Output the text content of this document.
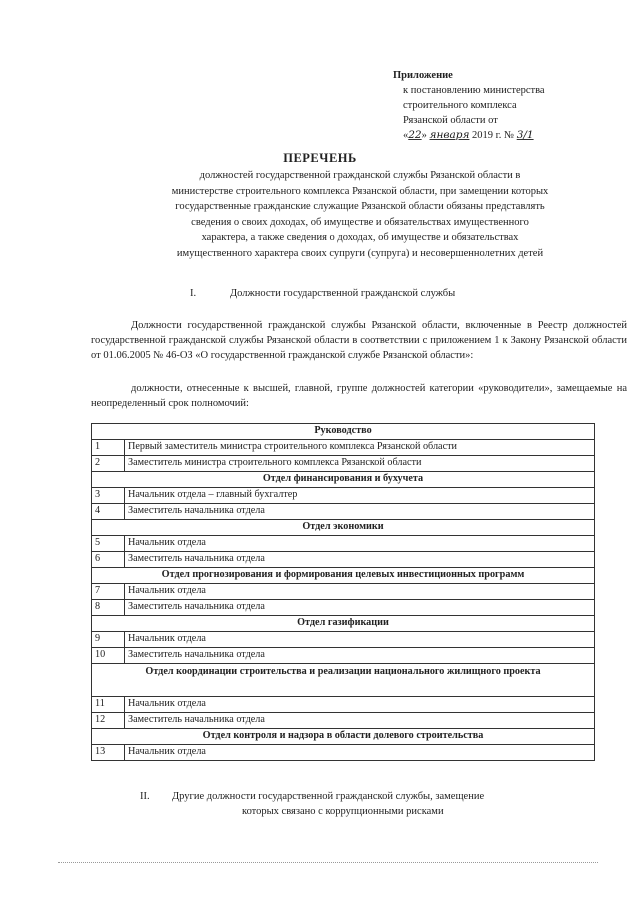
Приложение
к постановлению министерства
строительного комплекса
Рязанской области от
«22» января 2019 г. № 3/1
ПЕРЕЧЕНЬ
должностей государственной гражданской службы Рязанской области в
министерстве строительного комплекса Рязанской области, при замещении которых
государственные гражданские служащие Рязанской области обязаны представлять
сведения о своих доходах, об имуществе и обязательствах имущественного
характера, а также сведения о доходах, об имуществе и обязательствах
имущественного характера своих супруги (супруга) и несовершеннолетних детей
I.	Должности государственной гражданской службы
Должности государственной гражданской службы Рязанской области, включенные в Реестр должностей государственной гражданской службы Рязанской области в соответствии с приложением 1 к Закону Рязанской области от 01.06.2005 № 46-ОЗ «О государственной гражданской службе Рязанской области»:
должности, отнесенные к высшей, главной, группе должностей категории «руководители», замещаемые на неопределенный срок полномочий:
Руководство	
1	Первый заместитель министра строительного комплекса Рязанской области
2	Заместитель министра строительного комплекса Рязанской области
Отдел финансирования и бухучета	
3	Начальник отдела – главный бухгалтер
4	Заместитель начальника отдела
Отдел экономики	
5	Начальник отдела
6	Заместитель начальника отдела
Отдел прогнозирования и формирования целевых инвестиционных программ	
7	Начальник отдела
8	Заместитель начальника отдела
Отдел газификации	
9	Начальник отдела
10	Заместитель начальника отдела
Отдел координации строительства и реализации национального жилищного проекта	
11	Начальник отдела
12	Заместитель начальника отдела
Отдел контроля и надзора в области долевого строительства	
13	Начальник отдела
II. Другие должности государственной гражданской службы, замещение
которых связано с коррупционными рисками
